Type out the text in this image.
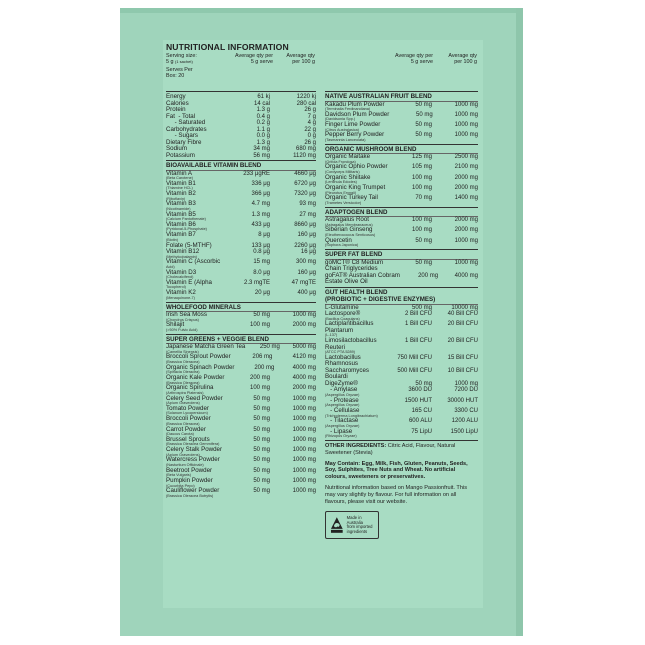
NUTRITIONAL INFORMATION
Serving size:
5 g (1 sachet)
Serves Per
Box: 20
Average qty per
5 g serve
Average qty
per 100 g
Average qty per
5 g serve
Average qty
per 100 g
Energy	61 kj	1220 kj
Calories	14 cal	280 cal
Protein	1.3 g	26 g
Fat  - Total	0.4 g	7 g
- Saturated	0.2 g	4 g
Carbohydrates	1.1 g	22 g
- Sugars	0.0 g	0 g
Dietary Fibre	1.3 g	26 g
Sodium	34 mg	680 mg
Potassium	56 mg	1120 mg
BIOAVAILABLE VITAMIN BLEND
Vitamin A
(Beta Carotene)
233 μgRE	4660 μg
Vitamin B1
(Thiamine HCL)
336 μg	6720 μg
Vitamin B2
(Riboflavin)
366 μg	7320 μg
Vitamin B3
(Nicotinamide)
4.7 mg	93 mg
Vitamin B5
(Calcium Pantothenate)
1.3 mg	27 mg
Vitamin B6
(Pyridoxal-5-Phosphate)
433 μg	8660 μg
Vitamin B7
(Biotin)
8 μg	160 μg
Folate (5-MTHF)	133 μg	2260 μg
Vitamin B12
(Methylcobalamin)
0.8 μg	16 μg
Vitamin C (Ascorbic
Acid)
15 mg	300 mg
Vitamin D3
(Cholecalciferol)
8.0 μg	160 μg
Vitamin E (Alpha
Tocopherol)
2.3 mgTE	47 mgTE
Vitamin K2
(Menaquinone-7)
20 μg	400 μg
WHOLEFOOD MINERALS
Irish Sea Moss
(Chondrus Crispus)
50 mg	1000 mg
Shilajit
(>50% Fulvic Acid)
100 mg	2000 mg
SUPER GREENS + VEGGIE BLEND
Japanese Matcha Green Tea
(Camellia Sinensis)
250 mg	5000 mg
Broccoli Sprout Powder
(Brassica Oleracea)
206 mg	4120 mg
Organic Spinach Powder
(Spinacia Oleracea)
200 mg	4000 mg
Organic Kale Powder
(Brassica Oleracea)
200 mg	4000 mg
Organic Spirulina
(Arthrospira Platensis)
100 mg	2000 mg
Celery Seed Powder
(Apium Graveolens)
50 mg	1000 mg
Tomato Powder
(Solanum Lycopersicum)
50 mg	1000 mg
Broccoli Powder
(Brassica Oleracea)
50 mg	1000 mg
Carrot Powder
(Daucus Carota)
50 mg	1000 mg
Brussel Sprouts
(Brassica Oleracea Gemmifera)
50 mg	1000 mg
Celery Stalk Powder
(Apium Graveolens)
50 mg	1000 mg
Watercress Powder
(Nasturtium Officinale)
50 mg	1000 mg
Beetroot Powder
(Beta Vulgaris)
50 mg	1000 mg
Pumpkin Powder
(Cucurbita Pepo)
50 mg	1000 mg
Cauliflower Powder
(Brassica Oleracea Botrytis)
50 mg	1000 mg
NATIVE AUSTRALIAN FRUIT BLEND
Kakadu Plum Powder
(Terminalia Ferdinandiana)
50 mg	1000 mg
Davidson Plum Powder
(Davidsonia Spp.)
50 mg	1000 mg
Finger Lime Powder
(Citrus Australasica)
50 mg	1000 mg
Pepper Berry Powder
(Tasmannia Lanceolata)
50 mg	1000 mg
ORGANIC MUSHROOM BLEND
Organic Maitake
(Grifola Frondosa)
125 mg	2500 mg
Organic Ophio Powder
(Cordyceps Militaris)
105 mg	2100 mg
Organic Shiitake
(Lentinula Edodes)
100 mg	2000 mg
Organic King Trumpet
(Pleurotus Eryngii)
100 mg	2000 mg
Organic Turkey Tail
(Trametes Versicolor)
70 mg	1400 mg
ADAPTOGEN BLEND
Astragalus Root
(Astragalus Membranaceus)
100 mg	2000 mg
Siberian Ginseng
(Eleutherococcus Senticosus)
100 mg	2000 mg
Quercetin
(Sophora Japonica)
50 mg	1000 mg
SUPER FAT BLEND
goMCT® C8 Medium	50 mg	1000 mg
Chain Triglycerides
goFAT® Australian Cobram	200 mg	4000 mg
Estate Olive Oil
GUT HEALTH BLEND
(PROBIOTIC + DIGESTIVE ENZYMES)
L-Glutamine	500 mg	10000 mg
Lactospore®
(Bacillus Coagulans)
2 Bill CFU	40 Bill CFU
Lactiplantibacillus	1 Bill CFU	20 Bill CFU
Plantarum
(L-137)
Limosilactobacillus	1 Bill CFU	20 Bill CFU
Reuteri
(ATCC PTA 5289)
Lactobacillus	750 Mill CFU	15 Bill CFU
Rhamnosus
Saccharomyces	500 Mill CFU	10 Bill CFU
Boulardi
DigeZyme®	50 mg	1000 mg
- Amylase
(Aspergillus Oryzae)
3600 DU	7200 DU
- Protease
(Aspergillus Oryzae)
1500 HUT	30000 HUT
- Cellulase
(Trichoderma Longibrachiatum)
165 CU	3300 CU
- Tilactase
(Aspergillus Oryzae)
600 ALU	1200 ALU
- Lipase
(Rhizopus Oryzae)
75 LipU	1500 LipU
OTHER INGREDIENTS: Citric Acid, Flavour, Natural Sweetener (Stevia)
May Contain: Egg, Milk, Fish, Gluten, Peanuts, Seeds, Soy, Sulphites, Tree Nuts and Wheat. No artificial colours, sweeteners or preservatives.
Nutritional information based on Mango Passionfruit. This may vary slightly by flavour. For full information on all flavours, please visit our website.
Made in Australia
from imported
ingredients
